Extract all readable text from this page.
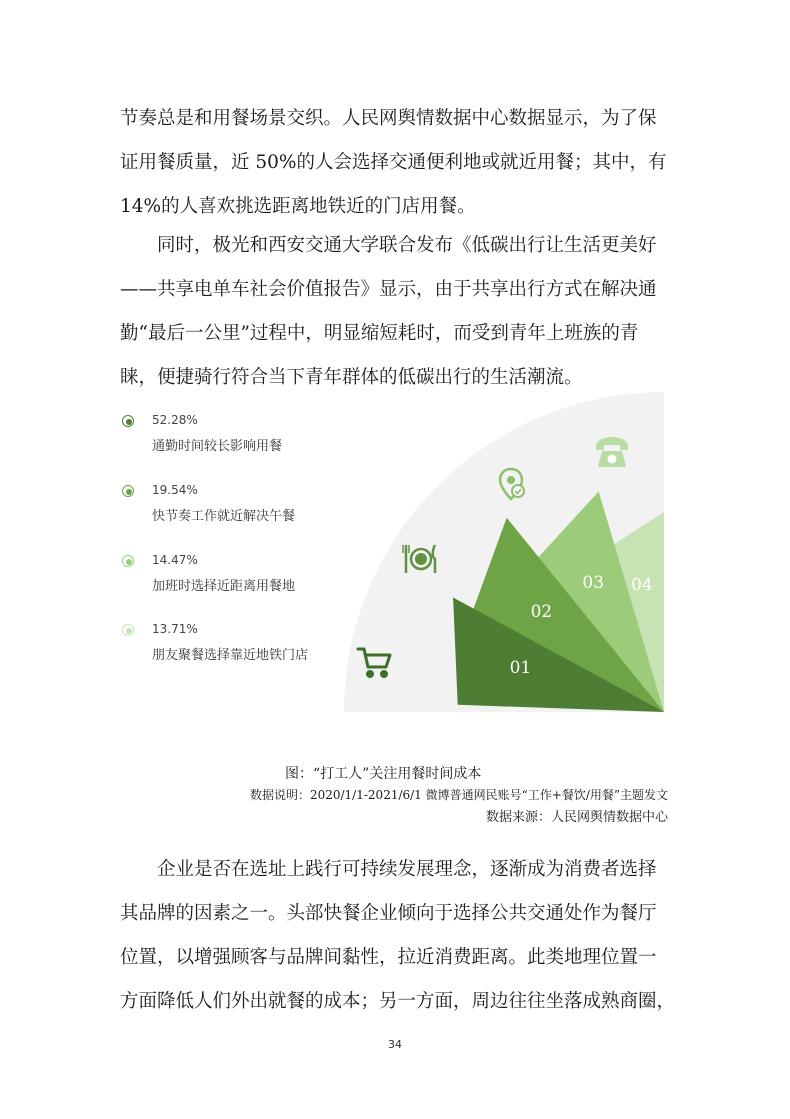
节奏总是和用餐场景交织。人民网舆情数据中心数据显示，为了保
证用餐质量，近 50%的人会选择交通便利地或就近用餐；其中，有
14%的人喜欢挑选距离地铁近的门店用餐。
同时，极光和西安交通大学联合发布《低碳出行让生活更美好
——共享电单车社会价值报告》显示，由于共享出行方式在解决通
勤“最后一公里”过程中，明显缩短耗时，而受到青年上班族的青
睐，便捷骑行符合当下青年群体的低碳出行的生活潮流。
04
03
02
01
52.28%
通勤时间较长影响用餐
19.54%
快节奏工作就近解决午餐
14.47%
加班时选择近距离用餐地
13.71%
朋友聚餐选择靠近地铁门店
图：“打工人”关注用餐时间成本
数据说明：2020/1/1-2021/6/1 微博普通网民账号“工作+餐饮/用餐”主题发文
数据来源：人民网舆情数据中心
企业是否在选址上践行可持续发展理念，逐渐成为消费者选择
其品牌的因素之一。头部快餐企业倾向于选择公共交通处作为餐厅
位置，以增强顾客与品牌间黏性，拉近消费距离。此类地理位置一
方面降低人们外出就餐的成本；另一方面，周边往往坐落成熟商圈，
34
